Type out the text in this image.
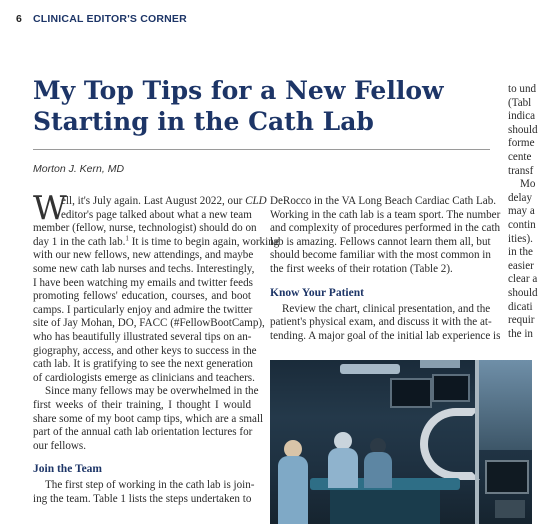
6 CLINICAL EDITOR'S CORNER
My Top Tips for a New Fellow
Starting in the Cath Lab
Morton J. Kern, MD
W
ell, it's July again. Last August 2022, our CLD
editor's page talked about what a new team
member (fellow, nurse, technologist) should do on
day 1 in the cath lab.$^1$ It is time to begin again, working
with our new fellows, new attendings, and maybe
some new cath lab nurses and techs. Interestingly,
I have been watching my emails and twitter feeds
promoting fellows' education, courses, and boot
camps. I particularly enjoy and admire the twitter
site of Jay Mohan, DO, FACC (#FellowBootCamp),
who has beautifully illustrated several tips on an-
giography, access, and other keys to success in the
cath lab. It is gratifying to see the next generation
of cardiologists emerge as clinicians and teachers.
Since many fellows may be overwhelmed in the
first weeks of their training, I thought I would
share some of my boot camp tips, which are a small
part of the annual cath lab orientation lectures for
our fellows.
Join the Team
The first step of working in the cath lab is join-
ing the team. Table 1 lists the steps undertaken to
DeRocco in the VA Long Beach Cardiac Cath Lab.
Working in the cath lab is a team sport. The number
and complexity of procedures performed in the cath
lab is amazing. Fellows cannot learn them all, but
should become familiar with the most common in
the first weeks of their rotation (Table 2).
Know Your Patient
Review the chart, clinical presentation, and the
patient's physical exam, and discuss it with the at-
tending. A major goal of the initial lab experience is
to und
(Tabl
indica
should
forme
cente
transf
Mo
delay
may a
contin
ities).
in the
easier
clear a
should
dicati
requir
the in
